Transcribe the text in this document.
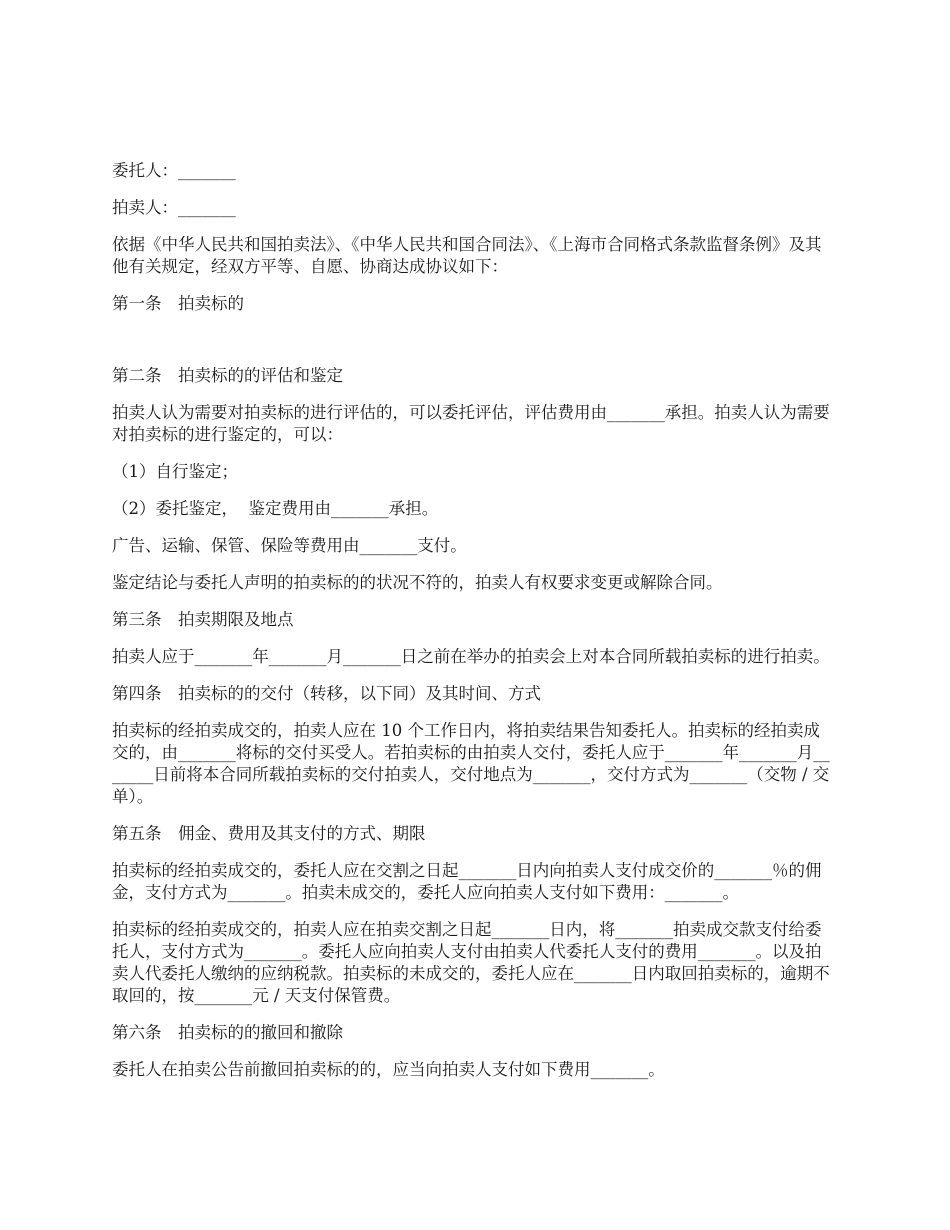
委托人：_______

拍卖人：_______

依据《中华人民共和国拍卖法》、《中华人民共和国合同法》、《上海市合同格式条款监督条例》及其他有关规定，经双方平等、自愿、协商达成协议如下：

第一条　拍卖标的

第二条　拍卖标的的评估和鉴定

拍卖人认为需要对拍卖标的进行评估的，可以委托评估，评估费用由_______承担。拍卖人认为需要对拍卖标的进行鉴定的，可以：

（1）自行鉴定；

（2）委托鉴定，  鉴定费用由_______承担。

广告、运输、保管、保险等费用由_______支付。

鉴定结论与委托人声明的拍卖标的的状况不符的，拍卖人有权要求变更或解除合同。

第三条　拍卖期限及地点

拍卖人应于_______年_______月_______日之前在举办的拍卖会上对本合同所载拍卖标的进行拍卖。

第四条　拍卖标的的交付（转移，以下同）及其时间、方式

拍卖标的经拍卖成交的，拍卖人应在 10 个工作日内，将拍卖结果告知委托人。拍卖标的经拍卖成交的，由_______将标的交付买受人。若拍卖标的由拍卖人交付，委托人应于_______年_______月_______日前将本合同所载拍卖标的交付拍卖人，交付地点为_______，交付方式为_______（交物 / 交单）。

第五条　佣金、费用及其支付的方式、期限

拍卖标的经拍卖成交的，委托人应在交割之日起_______日内向拍卖人支付成交价的_______％的佣金，支付方式为_______。拍卖未成交的，委托人应向拍卖人支付如下费用：_______。

拍卖标的经拍卖成交的，拍卖人应在拍卖交割之日起_______日内，将_______拍卖成交款支付给委托人，支付方式为_______。委托人应向拍卖人支付由拍卖人代委托人支付的费用_______。以及拍卖人代委托人缴纳的应纳税款。拍卖标的未成交的，委托人应在_______日内取回拍卖标的，逾期不取回的，按_______元 / 天支付保管费。

第六条　拍卖标的的撤回和撤除

委托人在拍卖公告前撤回拍卖标的的，应当向拍卖人支付如下费用_______。
